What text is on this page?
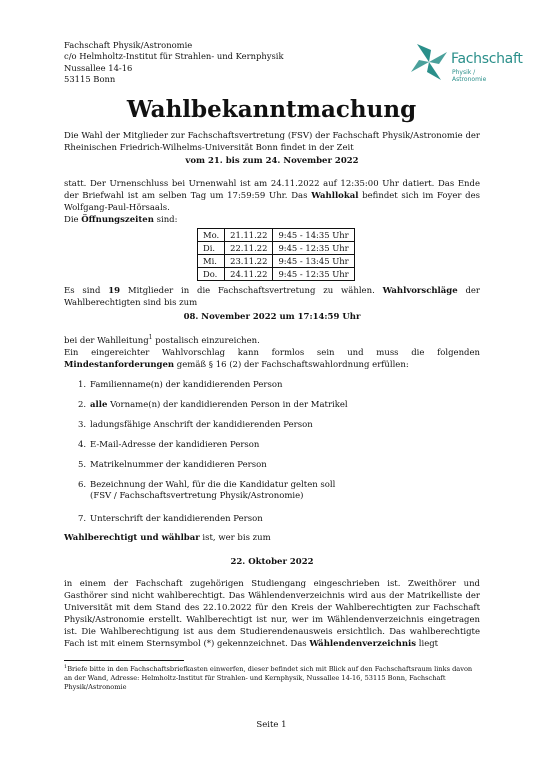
Fachschaft Physik/Astronomie
c/o Helmholtz-Institut für Strahlen- und Kernphysik
Nussallee 14-16
53115 Bonn
Fachschaft
Physik / Astronomie
Wahlbekanntmachung
Die Wahl der Mitglieder zur Fachschaftsvertretung (FSV) der Fachschaft Physik/Astronomie der Rheinischen Friedrich-Wilhelms-Universität Bonn findet in der Zeit
vom 21. bis zum 24. November 2022
statt. Der Urnenschluss bei Urnenwahl ist am 24.11.2022 auf 12:35:00 Uhr datiert. Das Ende der Briefwahl ist am selben Tag um 17:59:59 Uhr. Das Wahllokal befindet sich im Foyer des Wolfgang-Paul-Hörsaals.
Die Öffnungszeiten sind:
Mo.	21.11.22	9:45 - 14:35 Uhr
Di.	22.11.22	9:45 - 12:35 Uhr
Mi.	23.11.22	9:45 - 13:45 Uhr
Do.	24.11.22	9:45 - 12:35 Uhr
Es sind 19 Mitglieder in die Fachschaftsvertretung zu wählen. Wahlvorschläge der Wahlberechtigten sind bis zum
08. November 2022 um 17:14:59 Uhr
bei der Wahlleitung$^1$ postalisch einzureichen.
Ein eingereichter Wahlvorschlag kann formlos sein und muss die folgenden Mindestanforderungen gemäß § 16 (2) der Fachschaftswahlordnung erfüllen:
1. Familienname(n) der kandidierenden Person
2. alle Vorname(n) der kandidierenden Person in der Matrikel
3. ladungsfähige Anschrift der kandidierenden Person
4. E-Mail-Adresse der kandidieren Person
5. Matrikelnummer der kandidieren Person
6. Bezeichnung der Wahl, für die die Kandidatur gelten soll
(FSV / Fachschaftsvertretung Physik/Astronomie)
7. Unterschrift der kandidierenden Person
Wahlberechtigt und wählbar ist, wer bis zum
22. Oktober 2022
in einem der Fachschaft zugehörigen Studiengang eingeschrieben ist. Zweithörer und Gasthörer sind nicht wahlberechtigt. Das Wählendenverzeichnis wird aus der Matrikelliste der Universität mit dem Stand des 22.10.2022 für den Kreis der Wahlberechtigten zur Fachschaft Physik/Astronomie erstellt. Wahlberechtigt ist nur, wer im Wählendenverzeichnis eingetragen ist. Die Wahlberechtigung ist aus dem Studierendenausweis ersichtlich. Das wahlberechtigte Fach ist mit einem Sternsymbol (*) gekennzeichnet. Das Wählendenverzeichnis liegt
$^1$Briefe bitte in den Fachschaftsbriefkasten einwerfen, dieser befindet sich mit Blick auf den Fachschaftsraum links davon an der Wand, Adresse: Helmholtz-Institut für Strahlen- und Kernphysik, Nussallee 14-16, 53115 Bonn, Fachschaft Physik/Astronomie
Seite 1
